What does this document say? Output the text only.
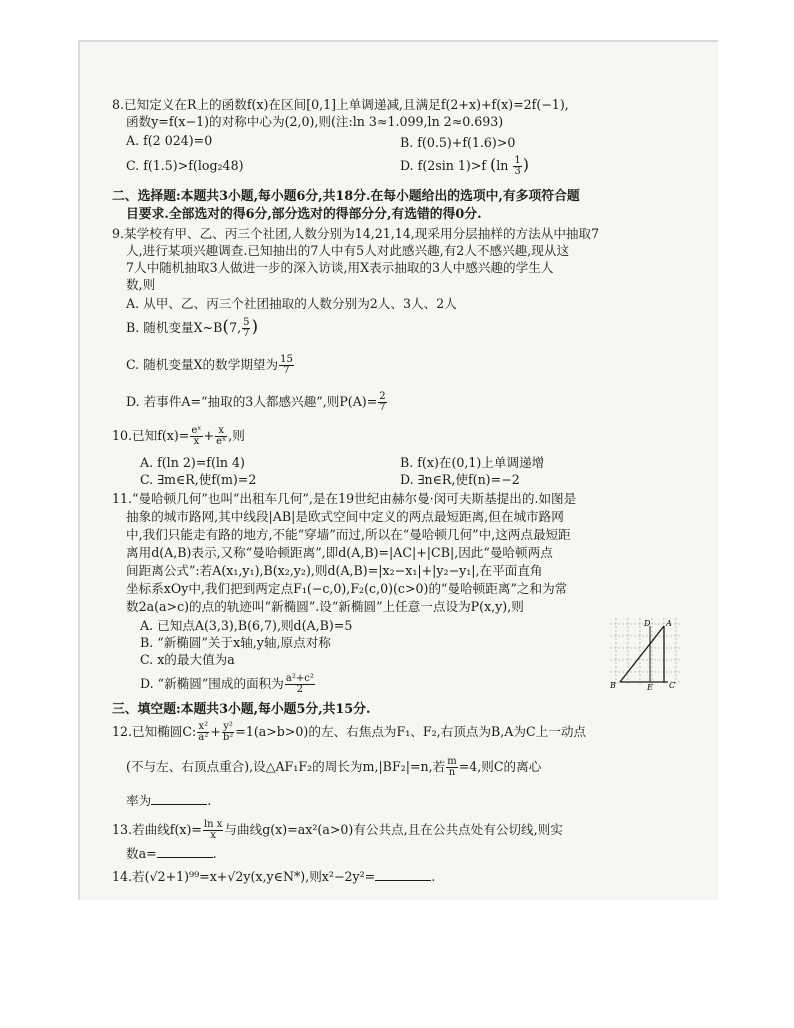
8.已知定义在R上的函数f(x)在区间[0,1]上单调递减,且满足f(2+x)+f(x)=2f(−1),
函数y=f(x−1)的对称中心为(2,0),则(注:ln 3≈1.099,ln 2≈0.693)
A. f(2 024)=0	B. f(0.5)+f(1.6)>0
C. f(1.5)>f(log₂48)	D. f(2sin 1)>f ($\ln \frac{1}{3}$ )
二、选择题:本题共3小题,每小题6分,共18分.在每小题给出的选项中,有多项符合题
目要求.全部选对的得6分,部分选对的得部分分,有选错的得0分.
9.某学校有甲、乙、丙三个社团,人数分别为14,21,14,现采用分层抽样的方法从中抽取7
人,进行某项兴趣调查.已知抽出的7人中有5人对此感兴趣,有2人不感兴趣,现从这
7人中随机抽取3人做进一步的深入访谈,用X表示抽取的3人中感兴趣的学生人
数,则
A. 从甲、乙、丙三个社团抽取的人数分别为2人、3人、2人
B. 随机变量X~B(7, $\frac{5}{7}$ )
C. 随机变量X的数学期望为 $\frac{15}{7}$
D. 若事件A=“抽取的3人都感兴趣”,则$P(A)= \frac{2}{7}$
10.已知$f(x)= \frac{\text{eˣ}}{x} + \frac{x}{\text{eˣ}}$ ,则
A. f(ln 2)=f(ln 4)	B. f(x)在(0,1)上单调递增
C. ∃m∈R,使f(m)=2	D. ∃n∈R,使f(n)=−2
11.“曼哈顿几何”也叫“出租车几何”,是在19世纪由赫尔曼·闵可夫斯基提出的.如图是
抽象的城市路网,其中线段|AB|是欧式空间中定义的两点最短距离,但在城市路网
中,我们只能走有路的地方,不能“穿墙”而过,所以在“曼哈顿几何”中,这两点最短距
离用d(A,B)表示,又称“曼哈顿距离”,即d(A,B)=|AC|+|CB|,因此“曼哈顿两点
间距离公式”:若A(x₁,y₁),B(x₂,y₂),则d(A,B)=|x₂−x₁|+|y₂−y₁|,在平面直角
坐标系xOy中,我们把到两定点F₁(−c,0),F₂(c,0)(c>0)的“曼哈顿距离”之和为常
数2a(a>c)的点的轨迹叫“新椭圆”.设“新椭圆”上任意一点设为P(x,y),则
A. 已知点A(3,3),B(6,7),则d(A,B)=5
B. “新椭圆”关于x轴,y轴,原点对称
C. x的最大值为a
D. “新椭圆”围成的面积为 $\frac{\text{a²+c²}}{2}$
A
B	C
D
E
三、填空题:本题共3小题,每小题5分,共15分.
12.已知椭圆C: $\frac{\text{x²}}{\text{a²}} + \frac{\text{y²}}{\text{b²}} =1(a>b>0)$的左、右焦点为F₁、F₂,右顶点为B,A为C上一动点
(不与左、右顶点重合),设△AF₁F₂的周长为m,|BF₂|=n,若 $\frac{m}{n} =4$,则C的离心
率为	.
13.若曲线$f(x)= \frac{\text{ln x}}{x}$ 与曲线g(x)=ax²(a>0)有公共点,且在公共点处有公切线,则实
数a=	.
14.若(√2+1)⁹⁹=x+√2y(x,y∈N*),则x²−2y²=	.
